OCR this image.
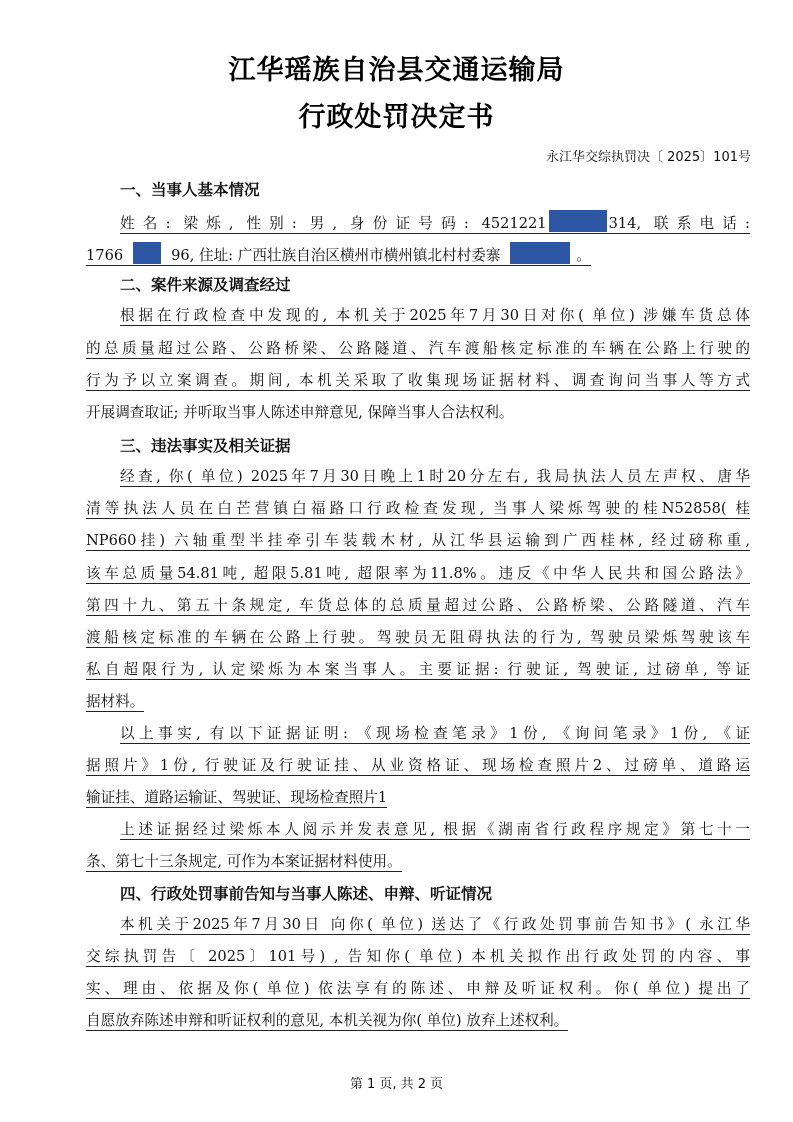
江华瑶族自治县交通运输局
行政处罚决定书
永江华交综执罚决〔 2025〕101号
一、当事人基本情况
姓名: 梁烁, 性别: 男, 身份证号码: 4521221	314, 联系电话:
1766	96, 住址: 广西壮族自治区横州市横州镇北村村委寨	。
二、案件来源及调查经过
根据在行政检查中发现的, 本机关于2025年7月30日对你( 单位) 涉嫌车货总体
的总质量超过公路、公路桥梁、公路隧道、汽车渡船核定标准的车辆在公路上行驶的
行为予以立案调查。期间, 本机关采取了收集现场证据材料、调查询问当事人等方式
开展调查取证; 并听取当事人陈述申辩意见, 保障当事人合法权利。
三、违法事实及相关证据
经查, 你( 单位) 2025年7月30日晚上1时20分左右, 我局执法人员左声权、唐华
清等执法人员在白芒营镇白福路口行政检查发现, 当事人梁烁驾驶的桂N52858( 桂
NP660挂) 六轴重型半挂牵引车装载木材, 从江华县运输到广西桂林, 经过磅称重,
该车总质量54.81吨, 超限5.81吨, 超限率为11.8%。违反《中华人民共和国公路法》
第四十九、第五十条规定, 车货总体的总质量超过公路、公路桥梁、公路隧道、汽车
渡船核定标准的车辆在公路上行驶。驾驶员无阻碍执法的行为, 驾驶员梁烁驾驶该车
私自超限行为, 认定梁烁为本案当事人。主要证据: 行驶证, 驾驶证, 过磅单, 等证
据材料。
以上事实, 有以下证据证明: 《现场检查笔录》1份, 《询问笔录》1份, 《证
据照片》1份, 行驶证及行驶证挂、从业资格证、现场检查照片2、过磅单、道路运
输证挂、道路运输证、驾驶证、现场检查照片1
上述证据经过梁烁本人阅示并发表意见, 根据《湖南省行政程序规定》第七十一
条、第七十三条规定, 可作为本案证据材料使用。
四、行政处罚事前告知与当事人陈述、申辩、听证情况
本机关于2025年7月30日 向你( 单位) 送达了《行政处罚事前告知书》( 永江华
交综执罚告〔 2025〕101号) , 告知你( 单位) 本机关拟作出行政处罚的内容、事
实、理由、依据及你( 单位) 依法享有的陈述、申辩及听证权利。你( 单位) 提出了
自愿放弃陈述申辩和听证权利的意见, 本机关视为你( 单位) 放弃上述权利。
第 1 页, 共 2 页
